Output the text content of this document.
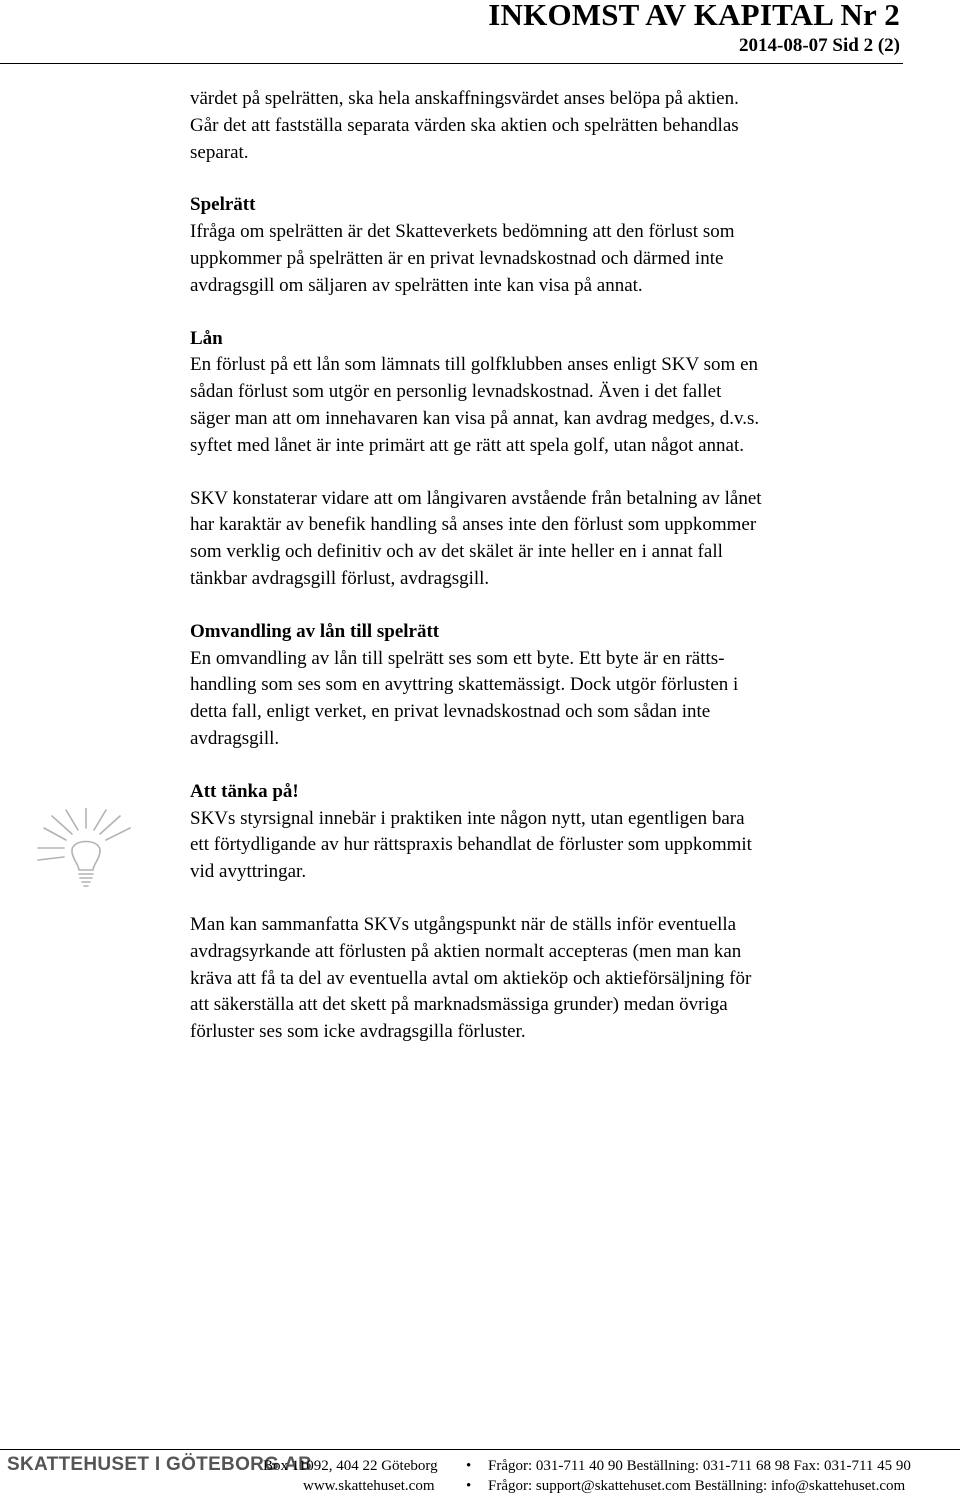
INKOMST AV KAPITAL Nr 2
2014-08-07 Sid 2 (2)

värdet på spelrätten, ska hela anskaffningsvärdet anses belöpa på aktien.

Går det att fastställa separata värden ska aktien och spelrätten behandlas

separat.

Spelrätt

Ifråga om spelrätten är det Skatteverkets bedömning att den förlust som

uppkommer på spelrätten är en privat levnadskostnad och därmed inte

avdragsgill om säljaren av spelrätten inte kan visa på annat.

Lån

En förlust på ett lån som lämnats till golfklubben anses enligt SKV som en

sådan förlust som utgör en personlig levnadskostnad. Även i det fallet

säger man att om innehavaren kan visa på annat, kan avdrag medges, d.v.s.

syftet med lånet är inte primärt att ge rätt att spela golf, utan något annat.

SKV konstaterar vidare att om långivaren avstående från betalning av lånet

har karaktär av benefik handling så anses inte den förlust som uppkommer

som verklig och definitiv och av det skälet är inte heller en i annat fall

tänkbar avdragsgill förlust, avdragsgill.

Omvandling av lån till spelrätt

En omvandling av lån till spelrätt ses som ett byte. Ett byte är en rätts-

handling som ses som en avyttring skattemässigt. Dock utgör förlusten i

detta fall, enligt verket, en privat levnadskostnad och som sådan inte

avdragsgill.

Att tänka på!

SKVs styrsignal innebär i praktiken inte någon nytt, utan egentligen bara

ett förtydligande av hur rättspraxis behandlat de förluster som uppkommit

vid avyttringar.

Man kan sammanfatta SKVs utgångspunkt när de ställs inför eventuella

avdragsyrkande att förlusten på aktien normalt accepteras (men man kan

kräva att få ta del av eventuella avtal om aktieköp och aktieförsäljning för

att säkerställa att det skett på marknadsmässiga grunder) medan övriga

förluster ses som icke avdragsgilla förluster.

SKATTEHUSET I GÖTEBORG AB
Box 11092, 404 22 Göteborg
www.skattehuset.com
• Frågor: 031-711 40 90 Beställning: 031-711 68 98 Fax: 031-711 45 90
• Frågor: support@skattehuset.com Beställning: info@skattehuset.com
